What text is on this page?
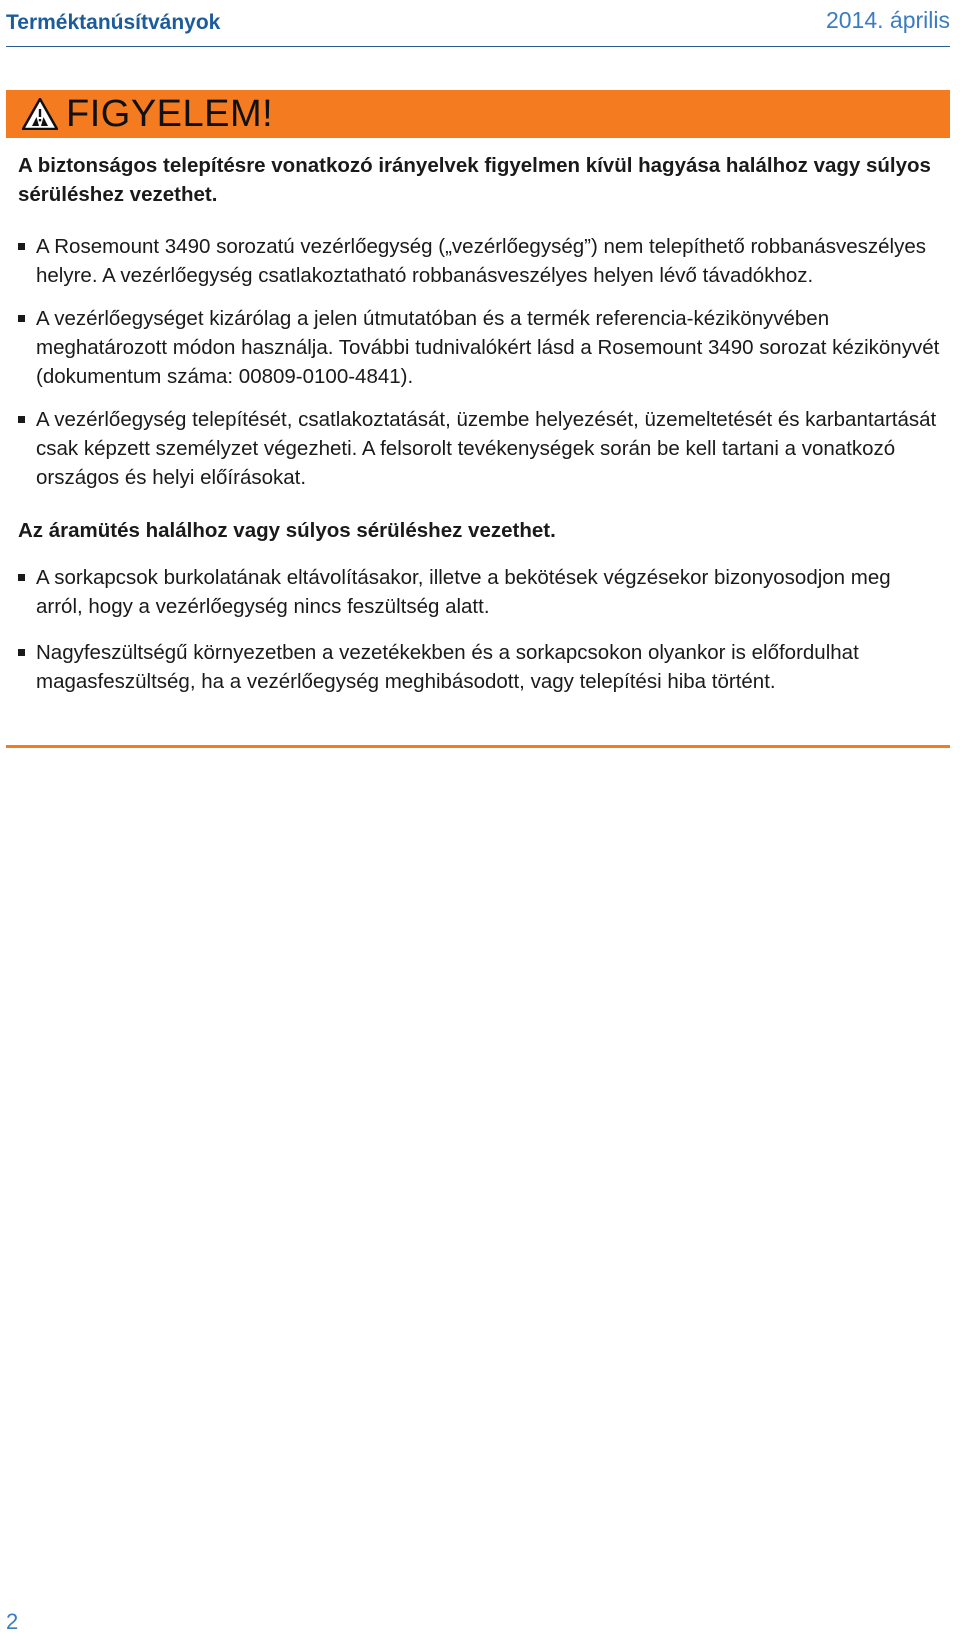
Terméktanúsítványok	2014. április
FIGYELEM!

A biztonságos telepítésre vonatkozó irányelvek figyelmen kívül hagyása halálhoz vagy súlyos sérüléshez vezethet.

A Rosemount 3490 sorozatú vezérlőegység („vezérlőegység”) nem telepíthető robbanásveszélyes helyre. A vezérlőegység csatlakoztatható robbanásveszélyes helyen lévő távadókhoz.
A vezérlőegységet kizárólag a jelen útmutatóban és a termék referencia-kézikönyvében meghatározott módon használja. További tudnivalókért lásd a Rosemount 3490 sorozat kézikönyvét (dokumentum száma: 00809-0100-4841).
A vezérlőegység telepítését, csatlakoztatását, üzembe helyezését, üzemeltetését és karbantartását csak képzett személyzet végezheti. A felsorolt tevékenységek során be kell tartani a vonatkozó országos és helyi előírásokat.

Az áramütés halálhoz vagy súlyos sérüléshez vezethet.

A sorkapcsok burkolatának eltávolításakor, illetve a bekötések végzésekor bizonyosodjon meg arról, hogy a vezérlőegység nincs feszültség alatt.
Nagyfeszültségű környezetben a vezetékekben és a sorkapcsokon olyankor is előfordulhat magasfeszültség, ha a vezérlőegység meghibásodott, vagy telepítési hiba történt.
2
